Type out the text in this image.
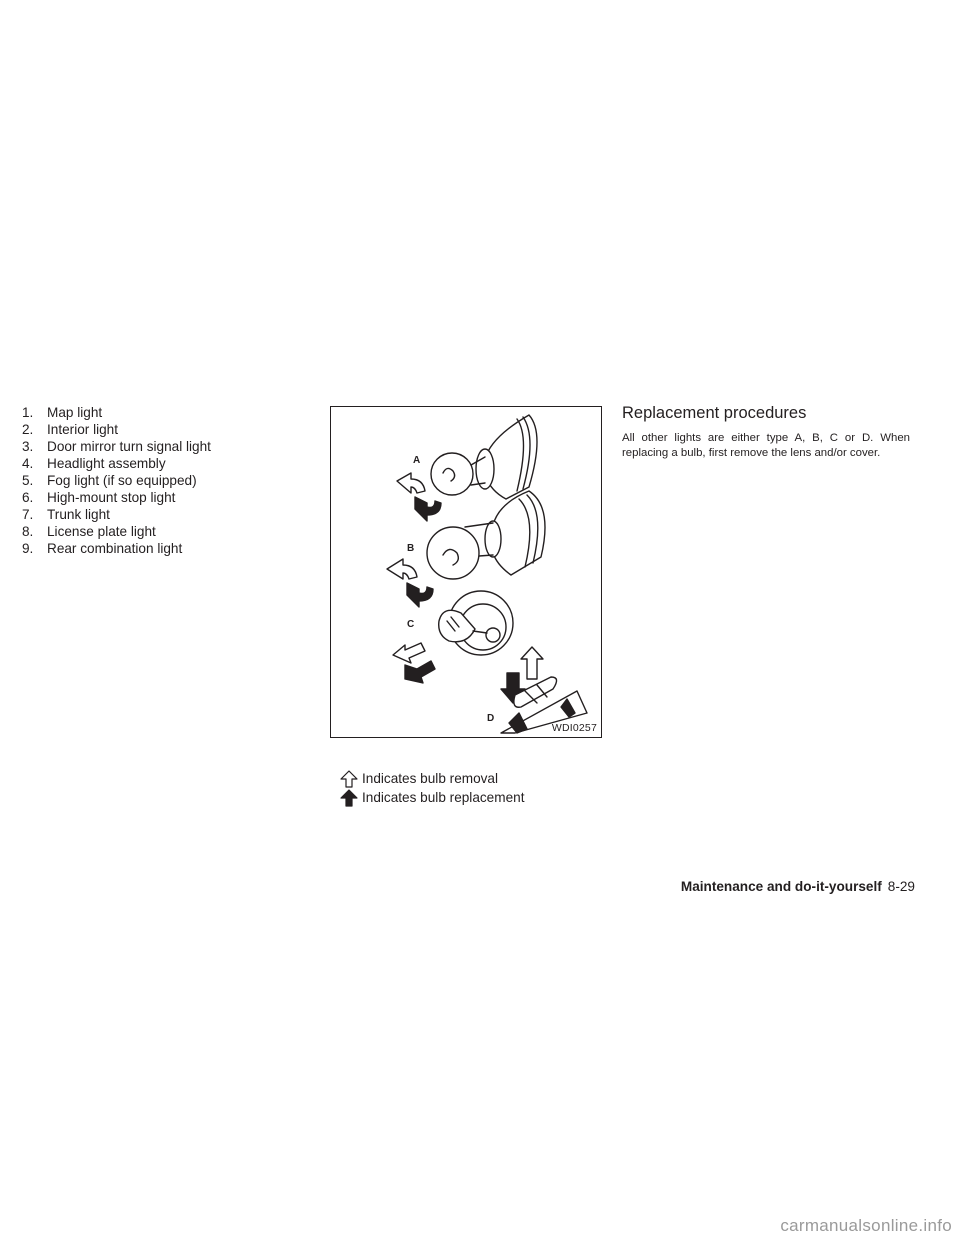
1. Map light
2. Interior light
3. Door mirror turn signal light
4. Headlight assembly
5. Fog light (if so equipped)
6. High-mount stop light
7. Trunk light
8. License plate light
9. Rear combination light
A
B
C
D
WDI0257
Indicates bulb removal
Indicates bulb replacement
Replacement procedures

All other lights are either type A, B, C or D. When replacing a bulb, first remove the lens and/or cover.

Maintenance and do-it-yourself 8-29
carmanualsonline.info
